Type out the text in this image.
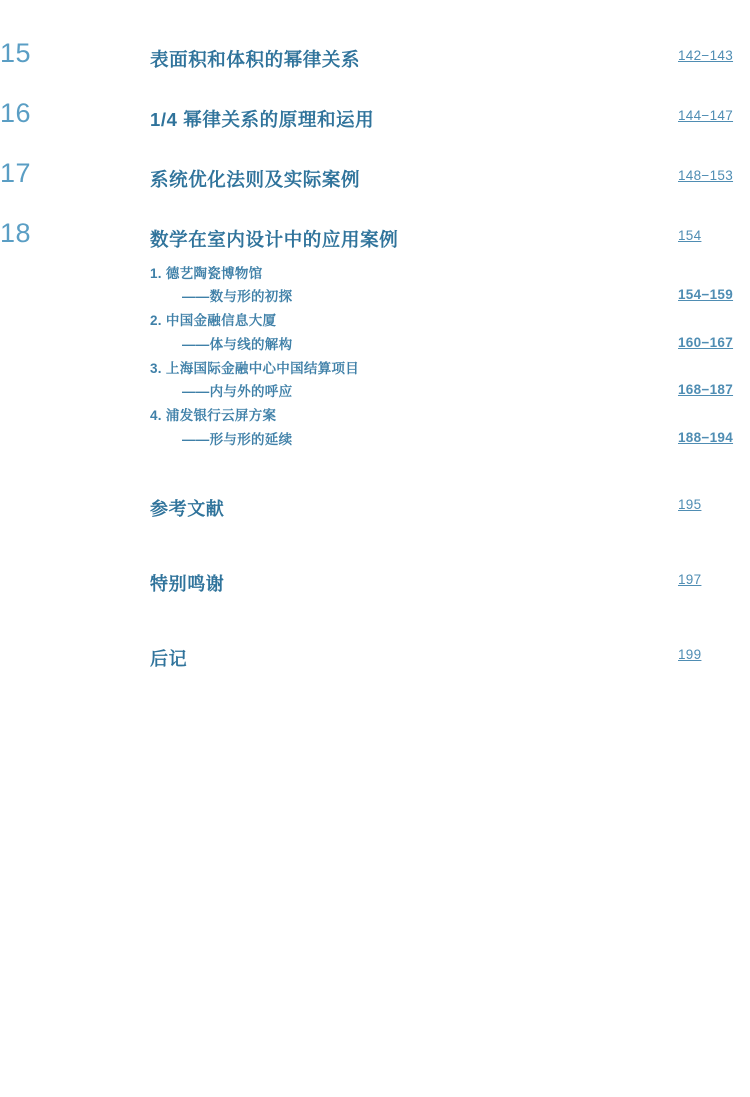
15	表面积和体积的幂律关系	142−143
16	1/4 幂律关系的原理和运用	144−147
17	系统优化法则及实际案例	148−153
18	数学在室内设计中的应用案例	154
1. 德艺陶瓷博物馆
——数与形的初探	154−159
2. 中国金融信息大厦
——体与线的解构	160−167
3. 上海国际金融中心中国结算项目
——内与外的呼应	168−187
4. 浦发银行云屏方案
——形与形的延续	188−194
参考文献	195
特别鸣谢	197
后记	199
